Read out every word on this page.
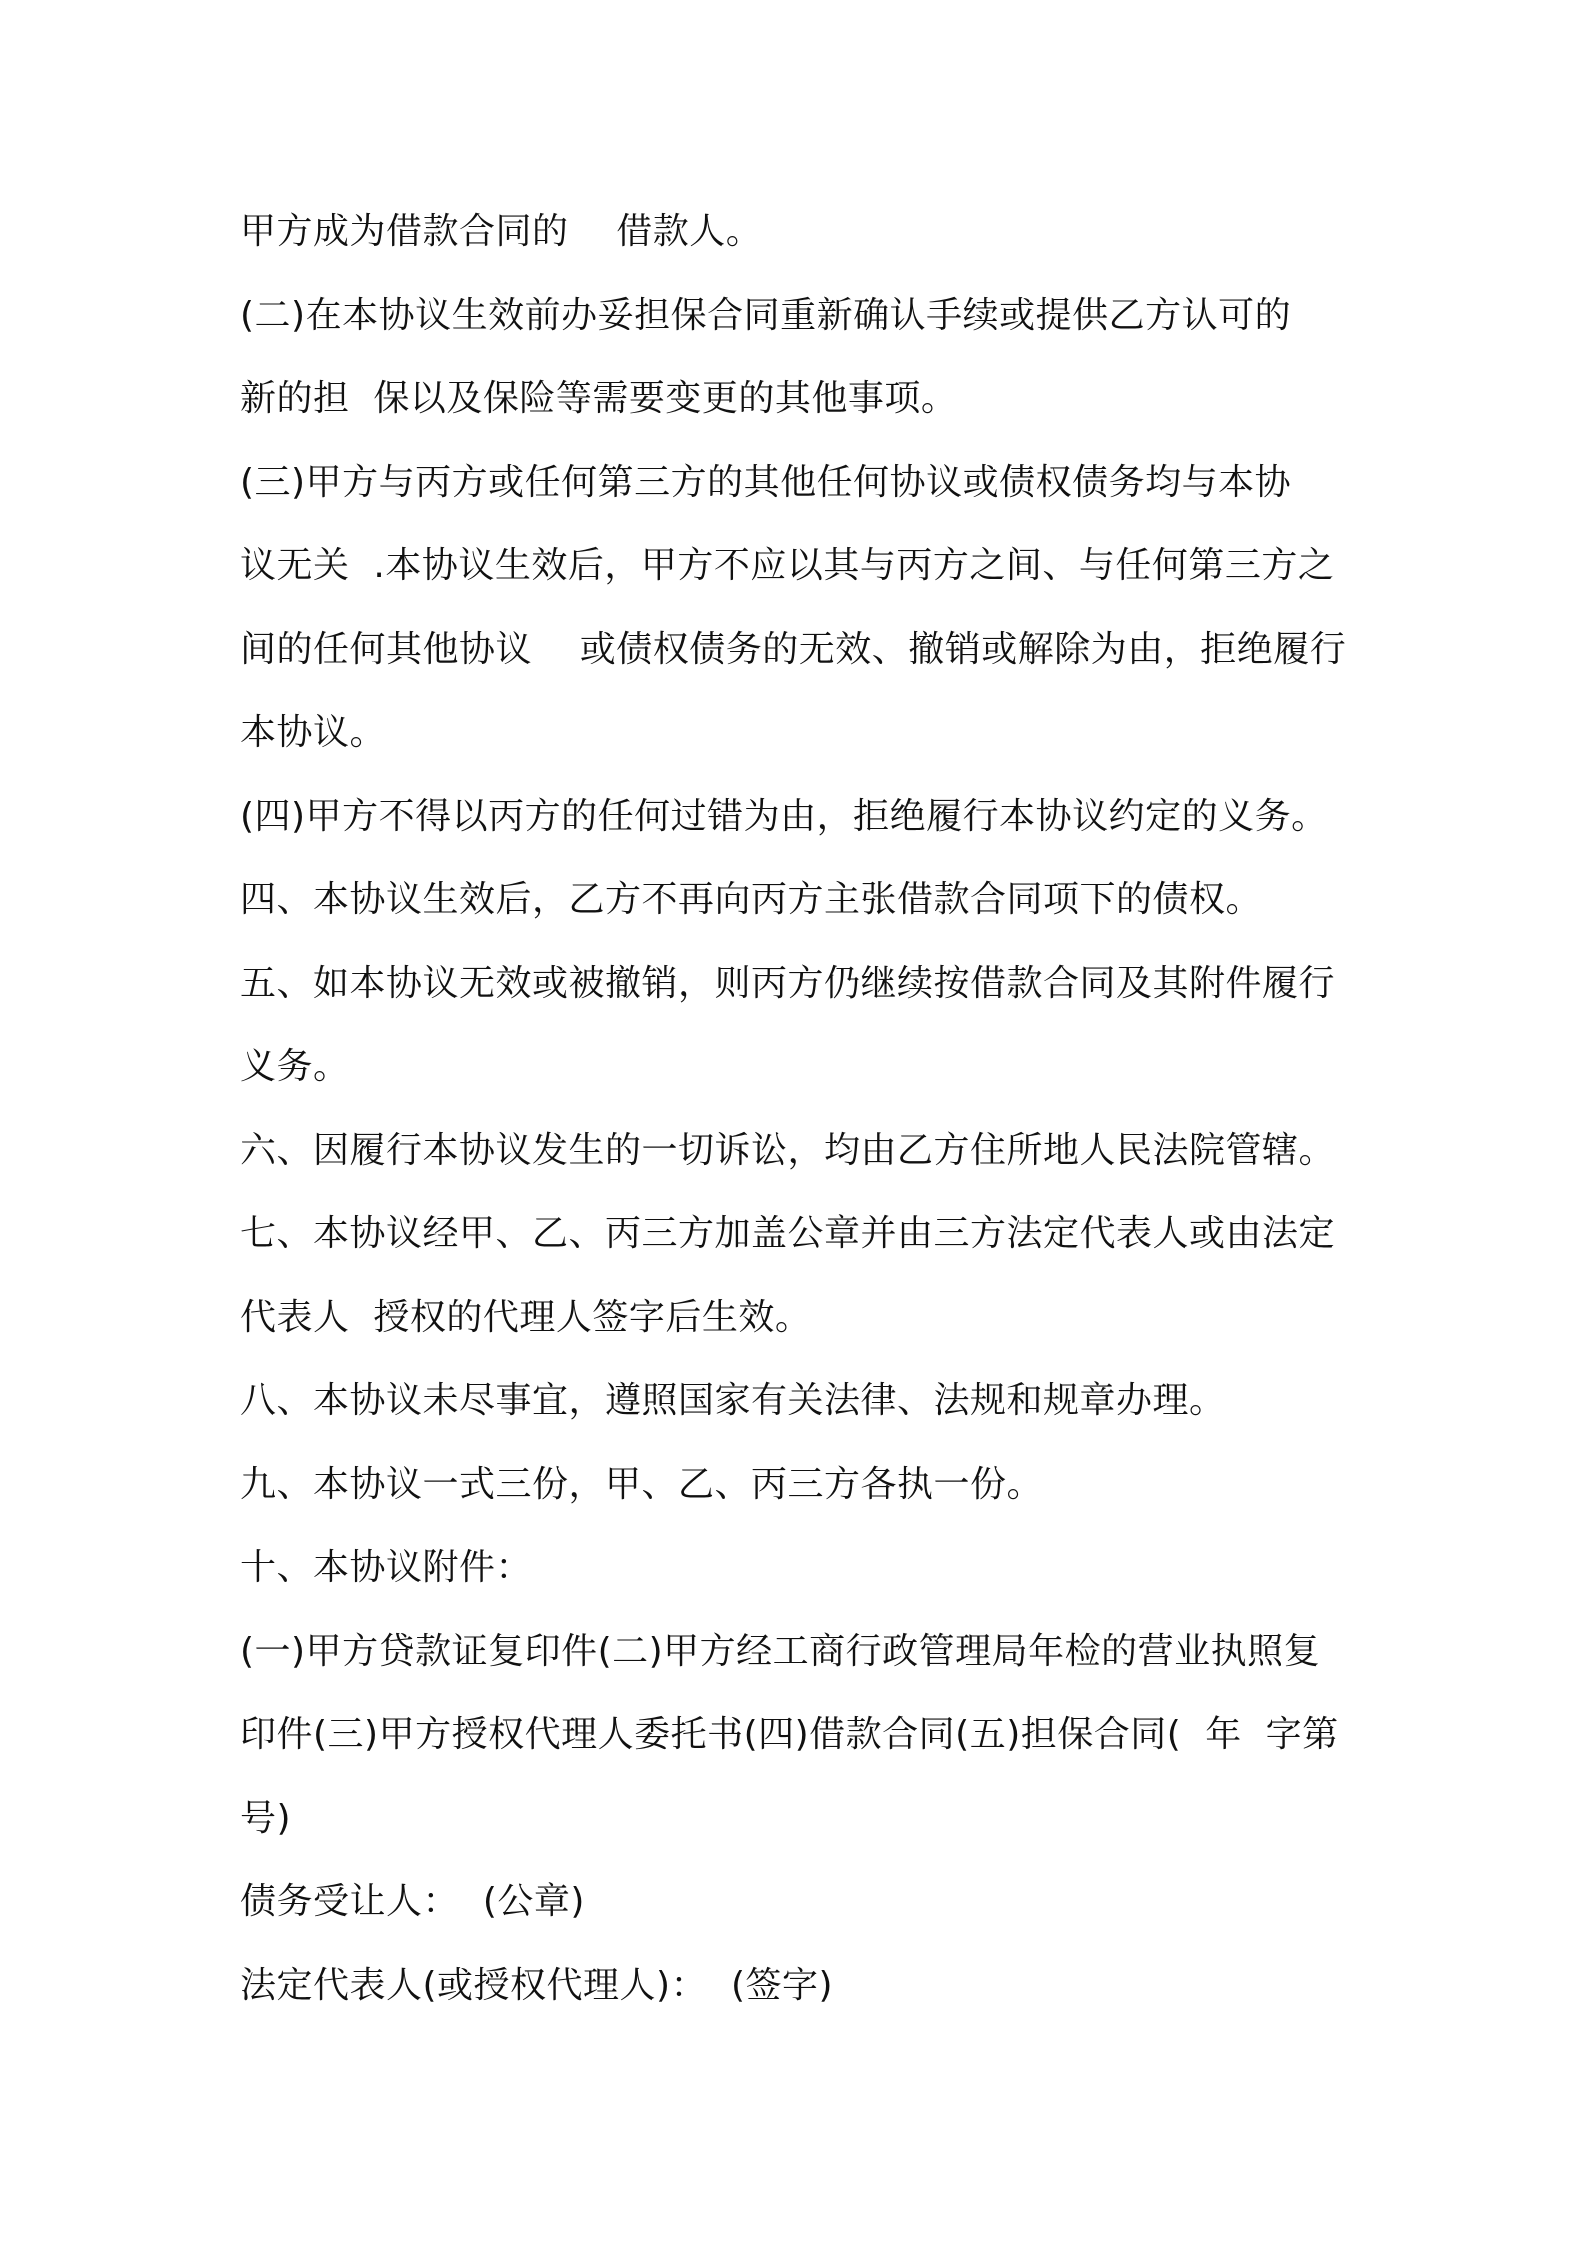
甲方成为借款合同的    借款人。
(二)在本协议生效前办妥担保合同重新确认手续或提供乙方认可的
新的担  保以及保险等需要变更的其他事项。
(三)甲方与丙方或任何第三方的其他任何协议或债权债务均与本协
议无关  .本协议生效后，甲方不应以其与丙方之间、与任何第三方之
间的任何其他协议    或债权债务的无效、撤销或解除为由，拒绝履行
本协议。
(四)甲方不得以丙方的任何过错为由，拒绝履行本协议约定的义务。
四、本协议生效后，乙方不再向丙方主张借款合同项下的债权。
五、如本协议无效或被撤销，则丙方仍继续按借款合同及其附件履行
义务。
六、因履行本协议发生的一切诉讼，均由乙方住所地人民法院管辖。
七、本协议经甲、乙、丙三方加盖公章并由三方法定代表人或由法定
代表人  授权的代理人签字后生效。
八、本协议未尽事宜，遵照国家有关法律、法规和规章办理。
九、本协议一式三份，甲、乙、丙三方各执一份。
十、本协议附件：
(一)甲方贷款证复印件(二)甲方经工商行政管理局年检的营业执照复
印件(三)甲方授权代理人委托书(四)借款合同(五)担保合同(  年  字第
号)
债务受让人：  (公章)
法定代表人(或授权代理人)：  (签字)
